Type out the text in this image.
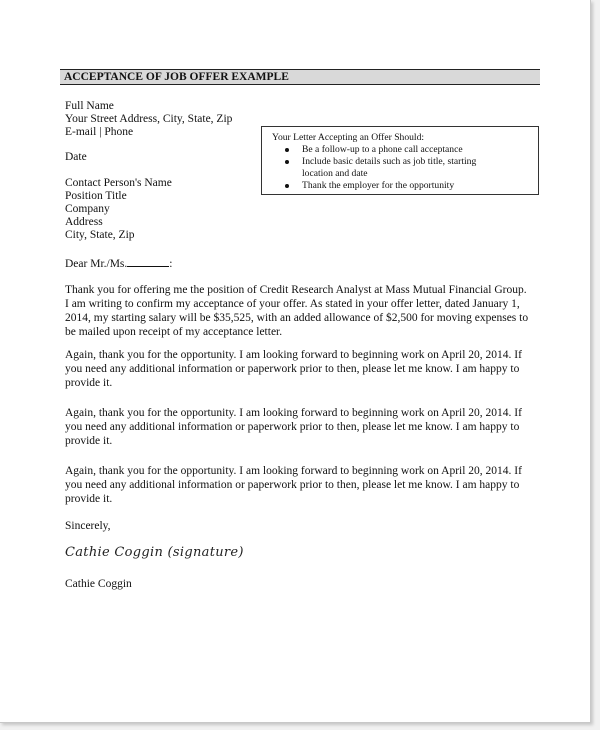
ACCEPTANCE OF JOB OFFER EXAMPLE
Full Name
Your Street Address, City, State, Zip
E-mail | Phone
Date
Contact Person's Name
Position Title
Company
Address
City, State, Zip
Dear Mr./Ms.	:
Your Letter Accepting an Offer Should:
Be a follow-up to a phone call acceptance
Include basic details such as job title, starting
location and date
Thank the employer for the opportunity
Thank you for offering me the position of Credit Research Analyst at Mass Mutual Financial Group.
I am writing to confirm my acceptance of your offer. As stated in your offer letter, dated January 1,
2014, my starting salary will be $35,525, with an added allowance of $2,500 for moving expenses to
be mailed upon receipt of my acceptance letter.
Again, thank you for the opportunity. I am looking forward to beginning work on April 20, 2014. If
you need any additional information or paperwork prior to then, please let me know. I am happy to
provide it.
Again, thank you for the opportunity. I am looking forward to beginning work on April 20, 2014. If
you need any additional information or paperwork prior to then, please let me know. I am happy to
provide it.
Again, thank you for the opportunity. I am looking forward to beginning work on April 20, 2014. If
you need any additional information or paperwork prior to then, please let me know. I am happy to
provide it.
Sincerely,
Cathie Coggin (signature)
Cathie Coggin
